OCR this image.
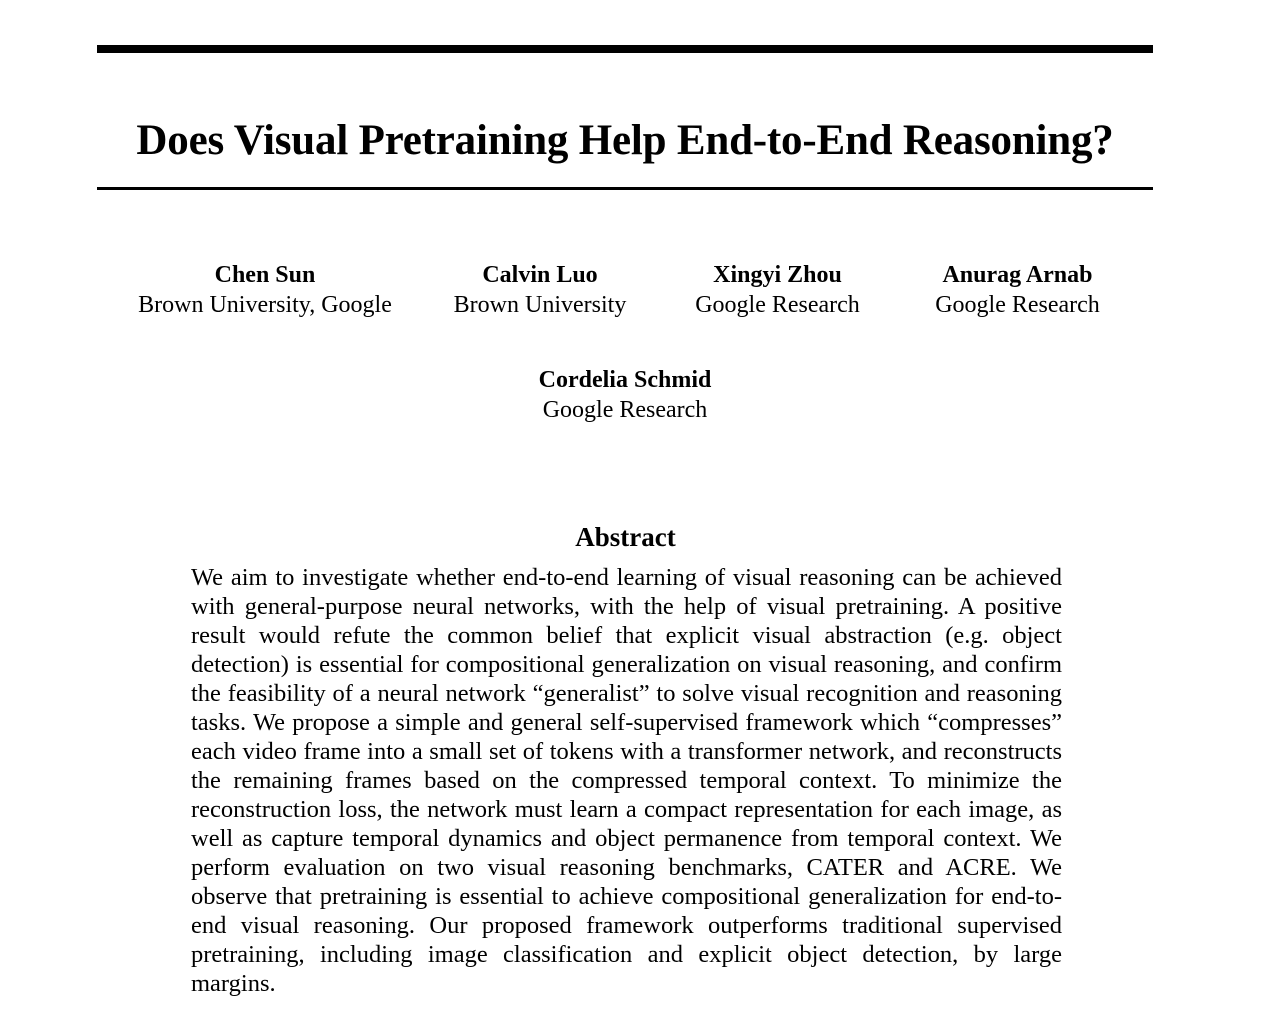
Does Visual Pretraining Help End-to-End Reasoning?
Chen Sun
Brown University, Google
Calvin Luo
Brown University
Xingyi Zhou
Google Research
Anurag Arnab
Google Research
Cordelia Schmid
Google Research
Abstract

We aim to investigate whether end-to-end learning of visual reasoning can be achieved with general-purpose neural networks, with the help of visual pretraining. A positive result would refute the common belief that explicit visual abstraction (e.g. object detection) is essential for compositional generalization on visual reasoning, and confirm the feasibility of a neural network “generalist” to solve visual recognition and reasoning tasks. We propose a simple and general self-supervised framework which “compresses” each video frame into a small set of tokens with a transformer network, and reconstructs the remaining frames based on the compressed temporal context. To minimize the reconstruction loss, the network must learn a compact representation for each image, as well as capture temporal dynamics and object permanence from temporal context. We perform evaluation on two visual reasoning benchmarks, CATER and ACRE. We observe that pretraining is essential to achieve compositional generalization for end-to-end visual reasoning. Our proposed framework outperforms traditional supervised pretraining, including image classification and explicit object detection, by large margins.
